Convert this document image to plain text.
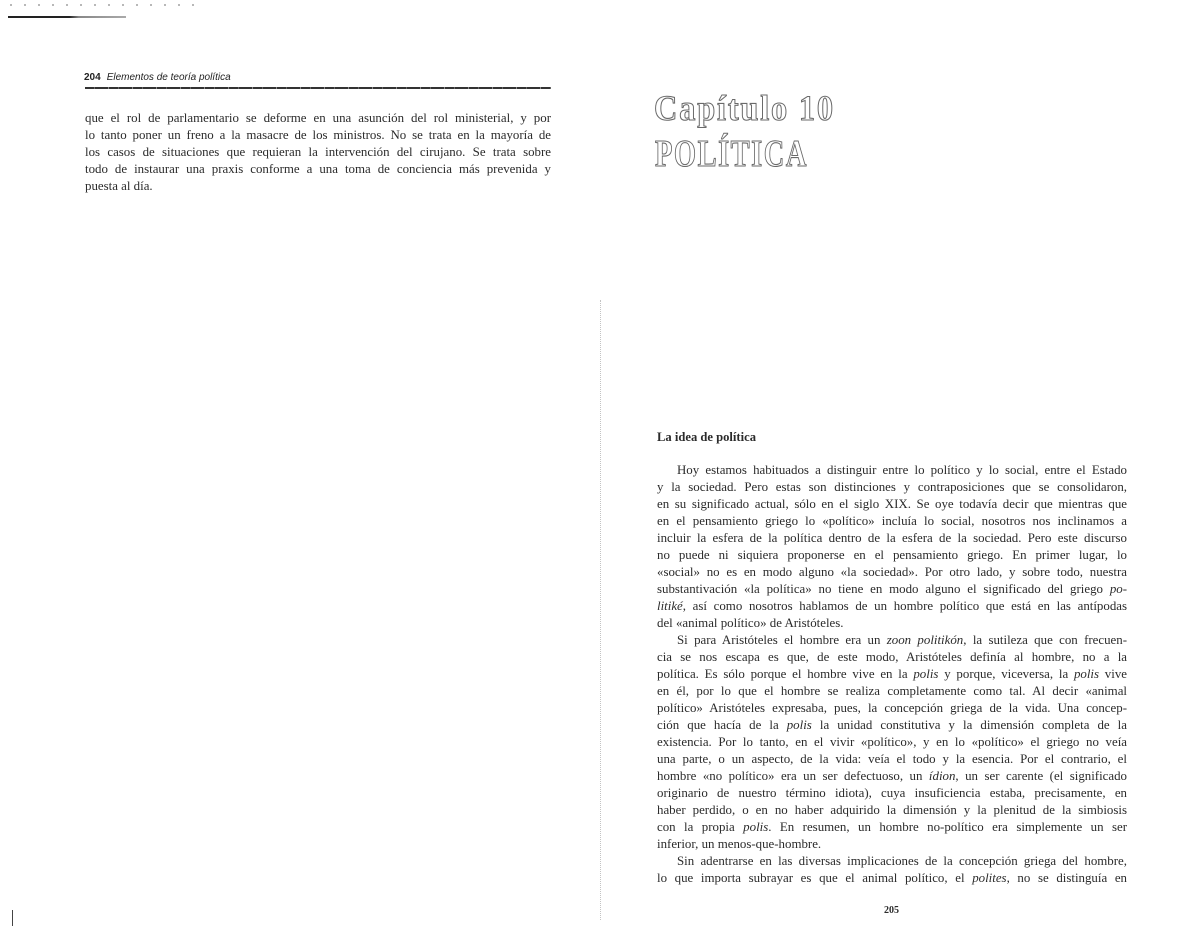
204 Elementos de teoría política
que el rol de parlamentario se deforme en una asunción del rol ministerial, y por
lo tanto poner un freno a la masacre de los ministros. No se trata en la mayoría de
los casos de situaciones que requieran la intervención del cirujano. Se trata sobre
todo de instaurar una praxis conforme a una toma de conciencia más prevenida y
puesta al día.
Capítulo 10
POLÍTICA
La idea de política
Hoy estamos habituados a distinguir entre lo político y lo social, entre el Estado
y la sociedad. Pero estas son distinciones y contraposiciones que se consolidaron,
en su significado actual, sólo en el siglo XIX. Se oye todavía decir que mientras que
en el pensamiento griego lo «político» incluía lo social, nosotros nos inclinamos a
incluir la esfera de la política dentro de la esfera de la sociedad. Pero este discurso
no puede ni siquiera proponerse en el pensamiento griego. En primer lugar, lo
«social» no es en modo alguno «la sociedad». Por otro lado, y sobre todo, nuestra
substantivación «la política» no tiene en modo alguno el significado del griego po-
litiké, así como nosotros hablamos de un hombre político que está en las antípodas
del «animal político» de Aristóteles.
Si para Aristóteles el hombre era un zoon politikón, la sutileza que con frecuen-
cia se nos escapa es que, de este modo, Aristóteles definía al hombre, no a la
política. Es sólo porque el hombre vive en la polis y porque, viceversa, la polis vive
en él, por lo que el hombre se realiza completamente como tal. Al decir «animal
político» Aristóteles expresaba, pues, la concepción griega de la vida. Una concep-
ción que hacía de la polis la unidad constitutiva y la dimensión completa de la
existencia. Por lo tanto, en el vivir «político», y en lo «político» el griego no veía
una parte, o un aspecto, de la vida: veía el todo y la esencia. Por el contrario, el
hombre «no político» era un ser defectuoso, un ídion, un ser carente (el significado
originario de nuestro término idiota), cuya insuficiencia estaba, precisamente, en
haber perdido, o en no haber adquirido la dimensión y la plenitud de la simbiosis
con la propia polis. En resumen, un hombre no-político era simplemente un ser
inferior, un menos-que-hombre.
Sin adentrarse en las diversas implicaciones de la concepción griega del hombre,
lo que importa subrayar es que el animal político, el polites, no se distinguía en
205
